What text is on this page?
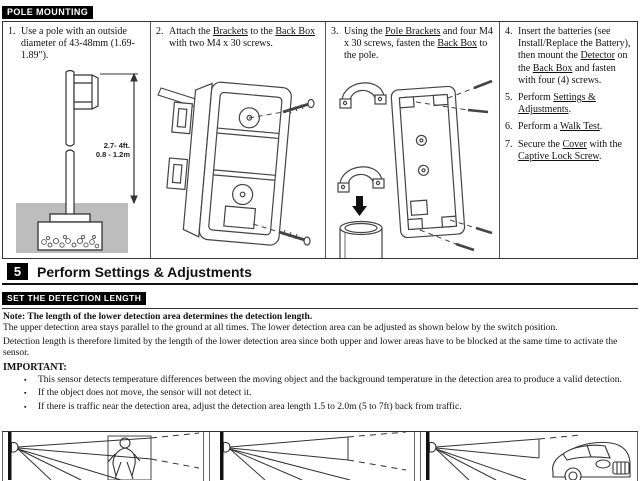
POLE MOUNTING
1. Use a pole with an outside diameter of 43-48mm (1.69-1.89").
2.7- 4ft.
0.8 - 1.2m
2. Attach the Brackets to the Back Box with two M4 x 30 screws.
3. Using the Pole Brackets and four M4 x 30 screws, fasten the Back Box to the pole.
4. Insert the batteries (see Install/Replace the Battery), then mount the Detector on the Back Box and fasten with four (4) screws.
5. Perform Settings & Adjustments.
6. Perform a Walk Test.
7. Secure the Cover with the Captive Lock Screw.
5	Perform Settings & Adjustments
SET THE DETECTION LENGTH
Note: The length of the lower detection area determines the detection length.
The upper detection area stays parallel to the ground at all times. The lower detection area can be adjusted as shown below by the switch position.
Detection length is therefore limited by the length of the lower detection area since both upper and lower areas have to be blocked at the same time to activate the sensor.
IMPORTANT:
▪	This sensor detects temperature differences between the moving object and the background temperature in the detection area to produce a valid detection.
▪	If the object does not move, the sensor will not detect it.
▪	If there is traffic near the detection area, adjust the detection area length 1.5 to 2.0m (5 to 7ft) back from traffic.
